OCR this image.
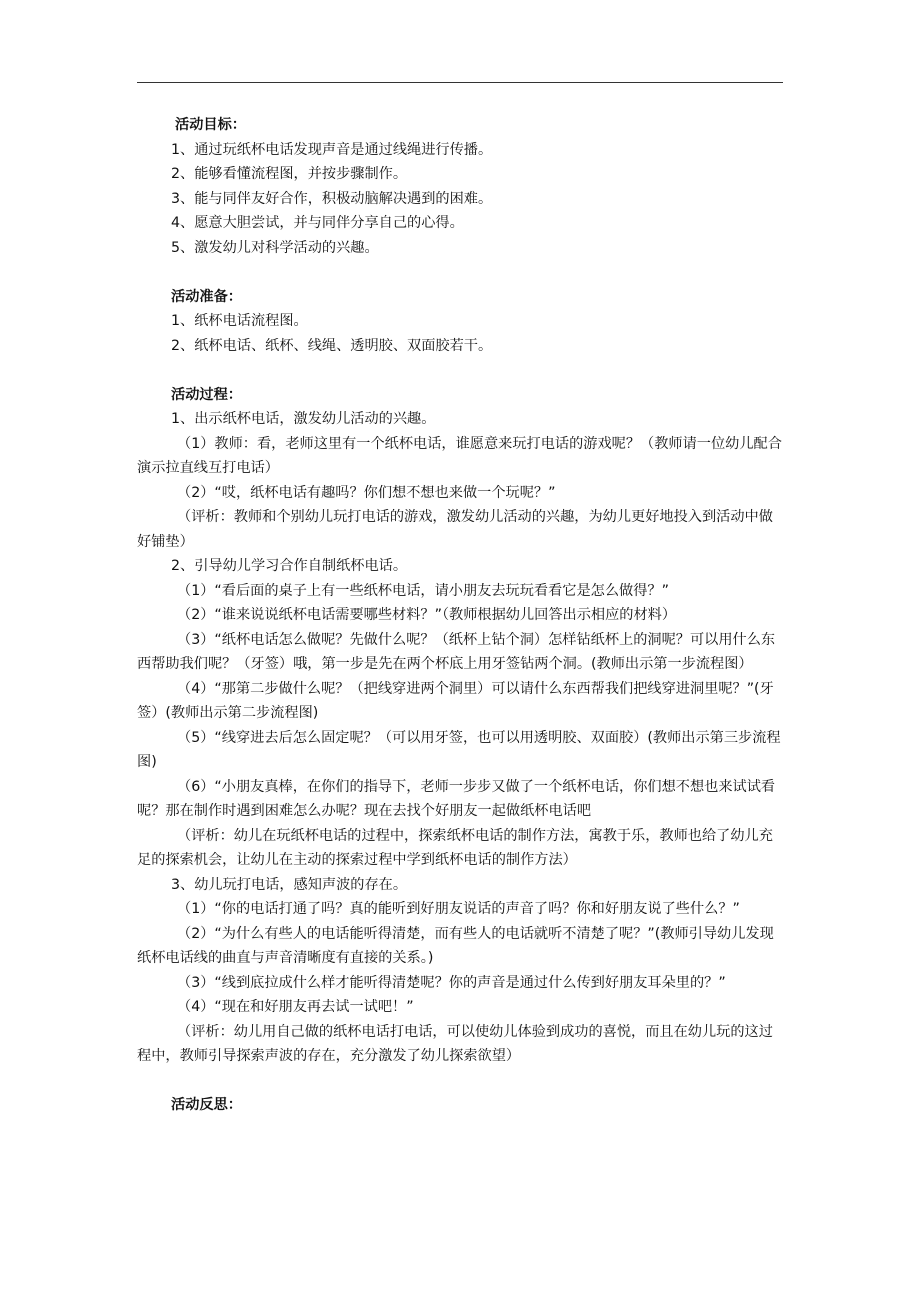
活动目标：
1、通过玩纸杯电话发现声音是通过线绳进行传播。
2、能够看懂流程图，并按步骤制作。
3、能与同伴友好合作，积极动脑解决遇到的困难。
4、愿意大胆尝试，并与同伴分享自己的心得。
5、激发幼儿对科学活动的兴趣。
活动准备：
1、纸杯电话流程图。
2、纸杯电话、纸杯、线绳、透明胶、双面胶若干。
活动过程：
1、出示纸杯电话，激发幼儿活动的兴趣。
（1）教师：看，老师这里有一个纸杯电话，谁愿意来玩打电话的游戏呢？（教师请一位幼儿配合演示拉直线互打电话）
（2）“哎，纸杯电话有趣吗？你们想不想也来做一个玩呢？”
（评析：教师和个别幼儿玩打电话的游戏，激发幼儿活动的兴趣，为幼儿更好地投入到活动中做好铺垫）
2、引导幼儿学习合作自制纸杯电话。
（1）“看后面的桌子上有一些纸杯电话，请小朋友去玩玩看看它是怎么做得？”
（2）“谁来说说纸杯电话需要哪些材料？”（教师根据幼儿回答出示相应的材料）
（3）“纸杯电话怎么做呢？先做什么呢？（纸杯上钻个洞）怎样钻纸杯上的洞呢？可以用什么东西帮助我们呢？（牙签）哦，第一步是先在两个杯底上用牙签钻两个洞。(教师出示第一步流程图）
（4）“那第二步做什么呢？（把线穿进两个洞里）可以请什么东西帮我们把线穿进洞里呢？”(牙签）(教师出示第二步流程图)
（5）“线穿进去后怎么固定呢？（可以用牙签，也可以用透明胶、双面胶）(教师出示第三步流程图)
（6）“小朋友真棒，在你们的指导下，老师一步步又做了一个纸杯电话，你们想不想也来试试看呢？那在制作时遇到困难怎么办呢？现在去找个好朋友一起做纸杯电话吧
（评析：幼儿在玩纸杯电话的过程中，探索纸杯电话的制作方法，寓教于乐，教师也给了幼儿充足的探索机会，让幼儿在主动的探索过程中学到纸杯电话的制作方法）
3、幼儿玩打电话，感知声波的存在。
（1）“你的电话打通了吗？真的能听到好朋友说话的声音了吗？你和好朋友说了些什么？”
（2）“为什么有些人的电话能听得清楚，而有些人的电话就听不清楚了呢？”(教师引导幼儿发现纸杯电话线的曲直与声音清晰度有直接的关系。)
（3）“线到底拉成什么样才能听得清楚呢？你的声音是通过什么传到好朋友耳朵里的？”
（4）“现在和好朋友再去试一试吧！”
（评析：幼儿用自己做的纸杯电话打电话，可以使幼儿体验到成功的喜悦，而且在幼儿玩的这过程中，教师引导探索声波的存在，充分激发了幼儿探索欲望）
活动反思：
